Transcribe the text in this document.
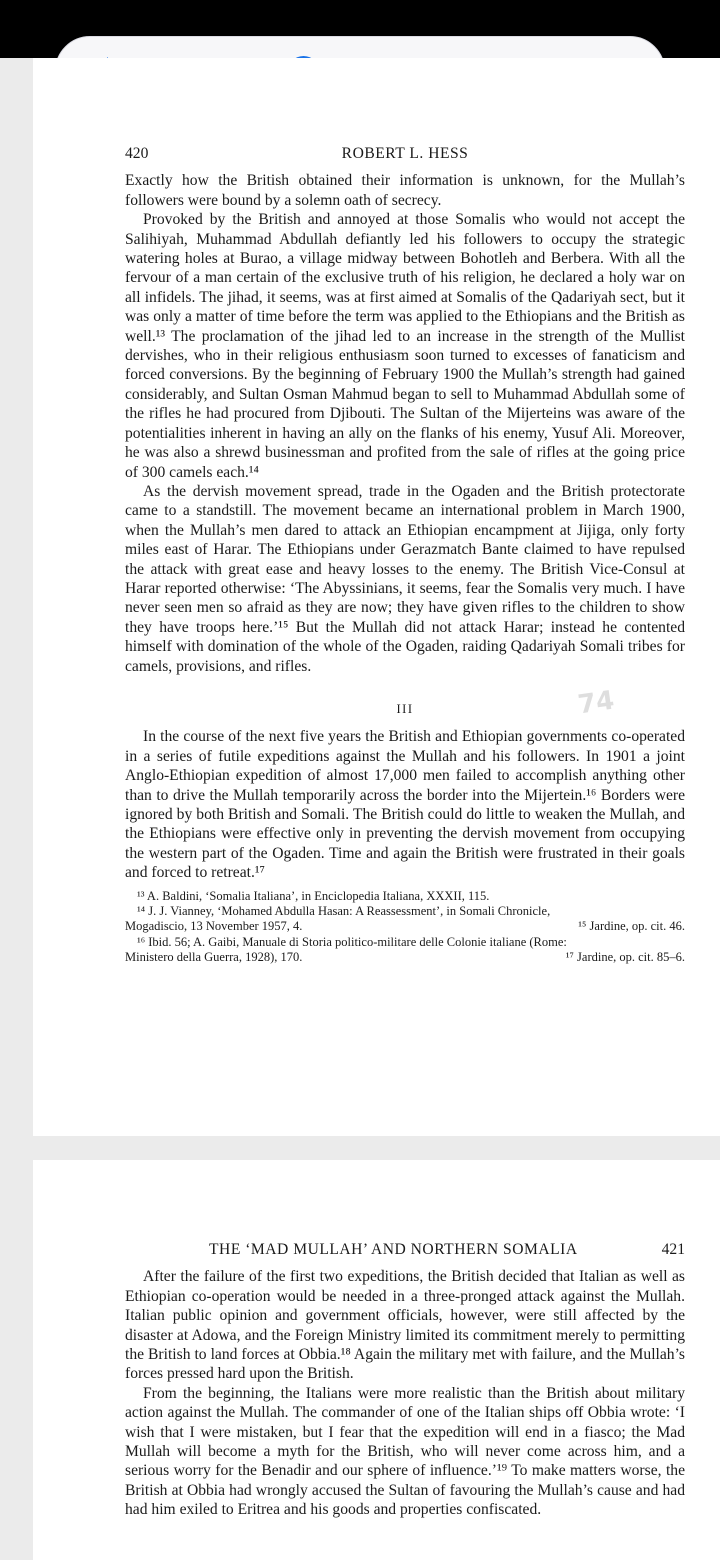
420	ROBERT L. HESS

Exactly how the British obtained their information is unknown, for the Mullah’s followers were bound by a solemn oath of secrecy.

Provoked by the British and annoyed at those Somalis who would not accept the Salihiyah, Muhammad Abdullah defiantly led his followers to occupy the strategic watering holes at Burao, a village midway between Bohotleh and Berbera. With all the fervour of a man certain of the exclusive truth of his religion, he declared a holy war on all infidels. The jihad, it seems, was at first aimed at Somalis of the Qadariyah sect, but it was only a matter of time before the term was applied to the Ethiopians and the British as well.¹³ The proclamation of the jihad led to an increase in the strength of the Mullist dervishes, who in their religious enthusiasm soon turned to excesses of fanaticism and forced conversions. By the beginning of February 1900 the Mullah’s strength had gained considerably, and Sultan Osman Mahmud began to sell to Muhammad Abdullah some of the rifles he had procured from Djibouti. The Sultan of the Mijerteins was aware of the potentialities inherent in having an ally on the flanks of his enemy, Yusuf Ali. Moreover, he was also a shrewd businessman and profited from the sale of rifles at the going price of 300 camels each.¹⁴

As the dervish movement spread, trade in the Ogaden and the British protectorate came to a standstill. The movement became an international problem in March 1900, when the Mullah’s men dared to attack an Ethiopian encampment at Jijiga, only forty miles east of Harar. The Ethiopians under Gerazmatch Bante claimed to have repulsed the attack with great ease and heavy losses to the enemy. The British Vice-Consul at Harar reported otherwise: ‘The Abyssinians, it seems, fear the Somalis very much. I have never seen men so afraid as they are now; they have given rifles to the children to show they have troops here.’¹⁵ But the Mullah did not attack Harar; instead he contented himself with domination of the whole of the Ogaden, raiding Qadariyah Somali tribes for camels, provisions, and rifles.

III

In the course of the next five years the British and Ethiopian governments co-operated in a series of futile expeditions against the Mullah and his followers. In 1901 a joint Anglo-Ethiopian expedition of almost 17,000 men failed to accomplish anything other than to drive the Mullah temporarily across the border into the Mijertein.¹⁶ Borders were ignored by both British and Somali. The British could do little to weaken the Mullah, and the Ethiopians were effective only in preventing the dervish movement from occupying the western part of the Ogaden. Time and again the British were frustrated in their goals and forced to retreat.¹⁷

¹³ A. Baldini, ‘Somalia Italiana’, in Enciclopedia Italiana, XXXII, 115.
¹⁴ J. J. Vianney, ‘Mohamed Abdulla Hasan: A Reassessment’, in Somali Chronicle,
Mogadiscio, 13 November 1957, 4.	¹⁵ Jardine, op. cit. 46.
¹⁶ Ibid. 56; A. Gaibi, Manuale di Storia politico-militare delle Colonie italiane (Rome:
Ministero della Guerra, 1928), 170.	¹⁷ Jardine, op. cit. 85–6.
74
THE ‘MAD MULLAH’ AND NORTHERN SOMALIA	421

After the failure of the first two expeditions, the British decided that Italian as well as Ethiopian co-operation would be needed in a three-pronged attack against the Mullah. Italian public opinion and government officials, however, were still affected by the disaster at Adowa, and the Foreign Ministry limited its commitment merely to permitting the British to land forces at Obbia.¹⁸ Again the military met with failure, and the Mullah’s forces pressed hard upon the British.

From the beginning, the Italians were more realistic than the British about military action against the Mullah. The commander of one of the Italian ships off Obbia wrote: ‘I wish that I were mistaken, but I fear that the expedition will end in a fiasco; the Mad Mullah will become a myth for the British, who will never come across him, and a serious worry for the Benadir and our sphere of influence.’¹⁹ To make matters worse, the British at Obbia had wrongly accused the Sultan of favouring the Mullah’s cause and had had him exiled to Eritrea and his goods and properties confiscated.
